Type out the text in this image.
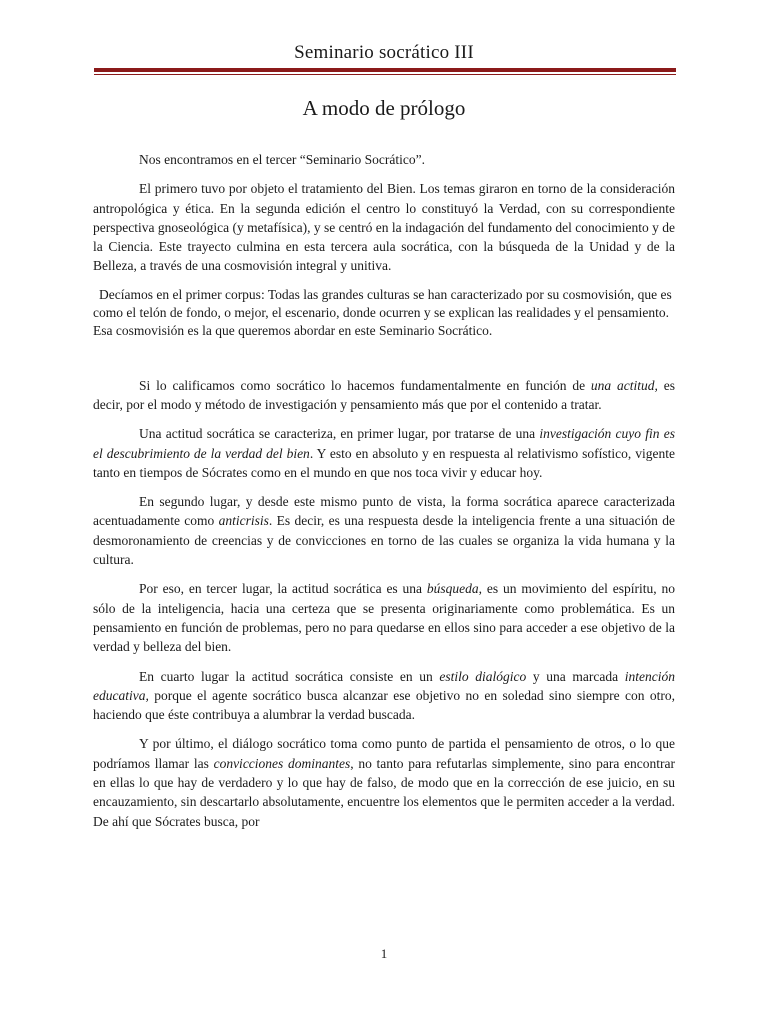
Seminario socrático III
A modo de prólogo

Nos encontramos en el tercer “Seminario Socrático”.

El primero tuvo por objeto el tratamiento del Bien. Los temas giraron en torno de la consideración antropológica y ética. En la segunda edición el centro lo constituyó la Verdad, con su correspondiente perspectiva gnoseológica (y metafísica), y se centró en la indagación del fundamento del conocimiento y de la Ciencia. Este trayecto culmina en esta tercera aula socrática, con la búsqueda de la Unidad y de la Belleza, a través de una cosmovisión integral y unitiva.

Decíamos en el primer corpus: Todas las grandes culturas se han caracterizado por su cosmovisión, que es como el telón de fondo, o mejor, el escenario, donde ocurren y se explican las realidades y el pensamiento. Esa cosmovisión es la que queremos abordar en este Seminario Socrático.

Si lo calificamos como socrático lo hacemos fundamentalmente en función de una actitud, es decir, por el modo y método de investigación y pensamiento más que por el contenido a tratar.

Una actitud socrática se caracteriza, en primer lugar, por tratarse de una investigación cuyo fin es el descubrimiento de la verdad del bien. Y esto en absoluto y en respuesta al relativismo sofístico, vigente tanto en tiempos de Sócrates como en el mundo en que nos toca vivir y educar hoy.

En segundo lugar, y desde este mismo punto de vista, la forma socrática aparece caracterizada acentuadamente como anticrisis. Es decir, es una respuesta desde la inteligencia frente a una situación de desmoronamiento de creencias y de convicciones en torno de las cuales se organiza la vida humana y la cultura.

Por eso, en tercer lugar, la actitud socrática es una búsqueda, es un movimiento del espíritu, no sólo de la inteligencia, hacia una certeza que se presenta originariamente como problemática. Es un pensamiento en función de problemas, pero no para quedarse en ellos sino para acceder a ese objetivo de la verdad y belleza del bien.

En cuarto lugar la actitud socrática consiste en un estilo dialógico y una marcada intención educativa, porque el agente socrático busca alcanzar ese objetivo no en soledad sino siempre con otro, haciendo que éste contribuya a alumbrar la verdad buscada.

Y por último, el diálogo socrático toma como punto de partida el pensamiento de otros, o lo que podríamos llamar las convicciones dominantes, no tanto para refutarlas simplemente, sino para encontrar en ellas lo que hay de verdadero y lo que hay de falso, de modo que en la corrección de ese juicio, en su encauzamiento, sin descartarlo absolutamente, encuentre los elementos que le permiten acceder a la verdad. De ahí que Sócrates busca, por

1
